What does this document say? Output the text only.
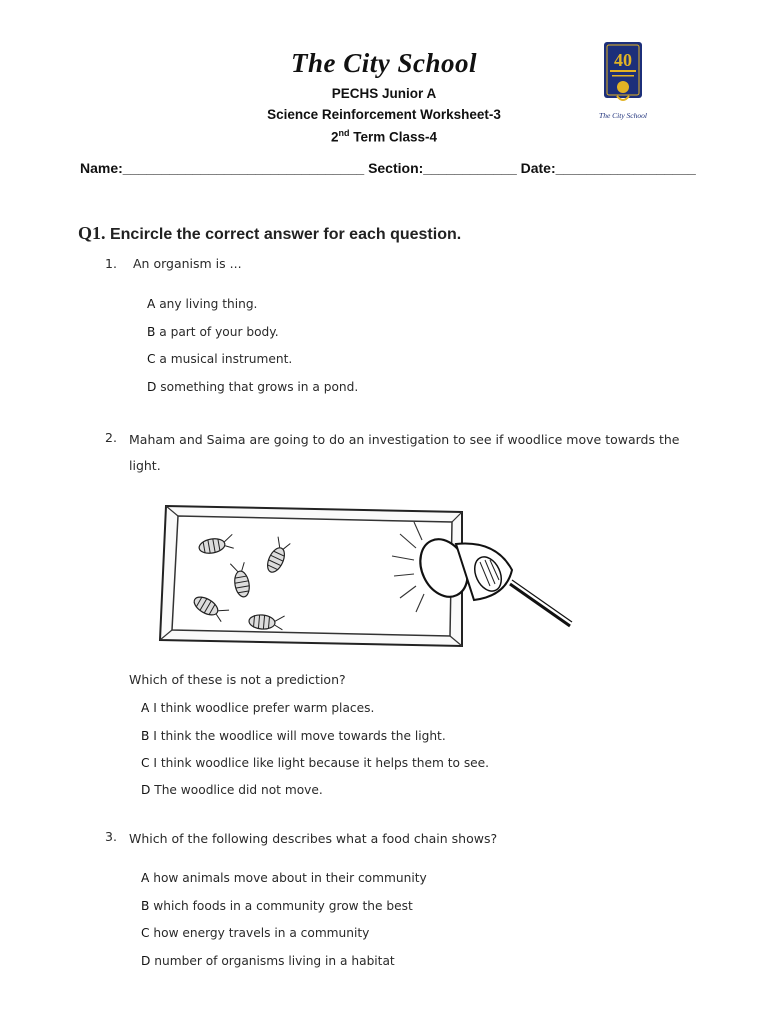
The City School
PECHS Junior A
Science Reinforcement Worksheet-3
2nd Term Class-4
40
The City School
Name:_______________________________ Section:____________ Date:__________________
Q1. Encircle the correct answer for each question.
1. An organism is ...
A any living thing.
B a part of your body.
C a musical instrument.
D something that grows in a pond.
2. Maham and Saima are going to do an investigation to see if woodlice move towards the
light.
Which of these is not a prediction?
A I think woodlice prefer warm places.
B I think the woodlice will move towards the light.
C I think woodlice like light because it helps them to see.
D The woodlice did not move.
3. Which of the following describes what a food chain shows?
A how animals move about in their community
B which foods in a community grow the best
C how energy travels in a community
D number of organisms living in a habitat
